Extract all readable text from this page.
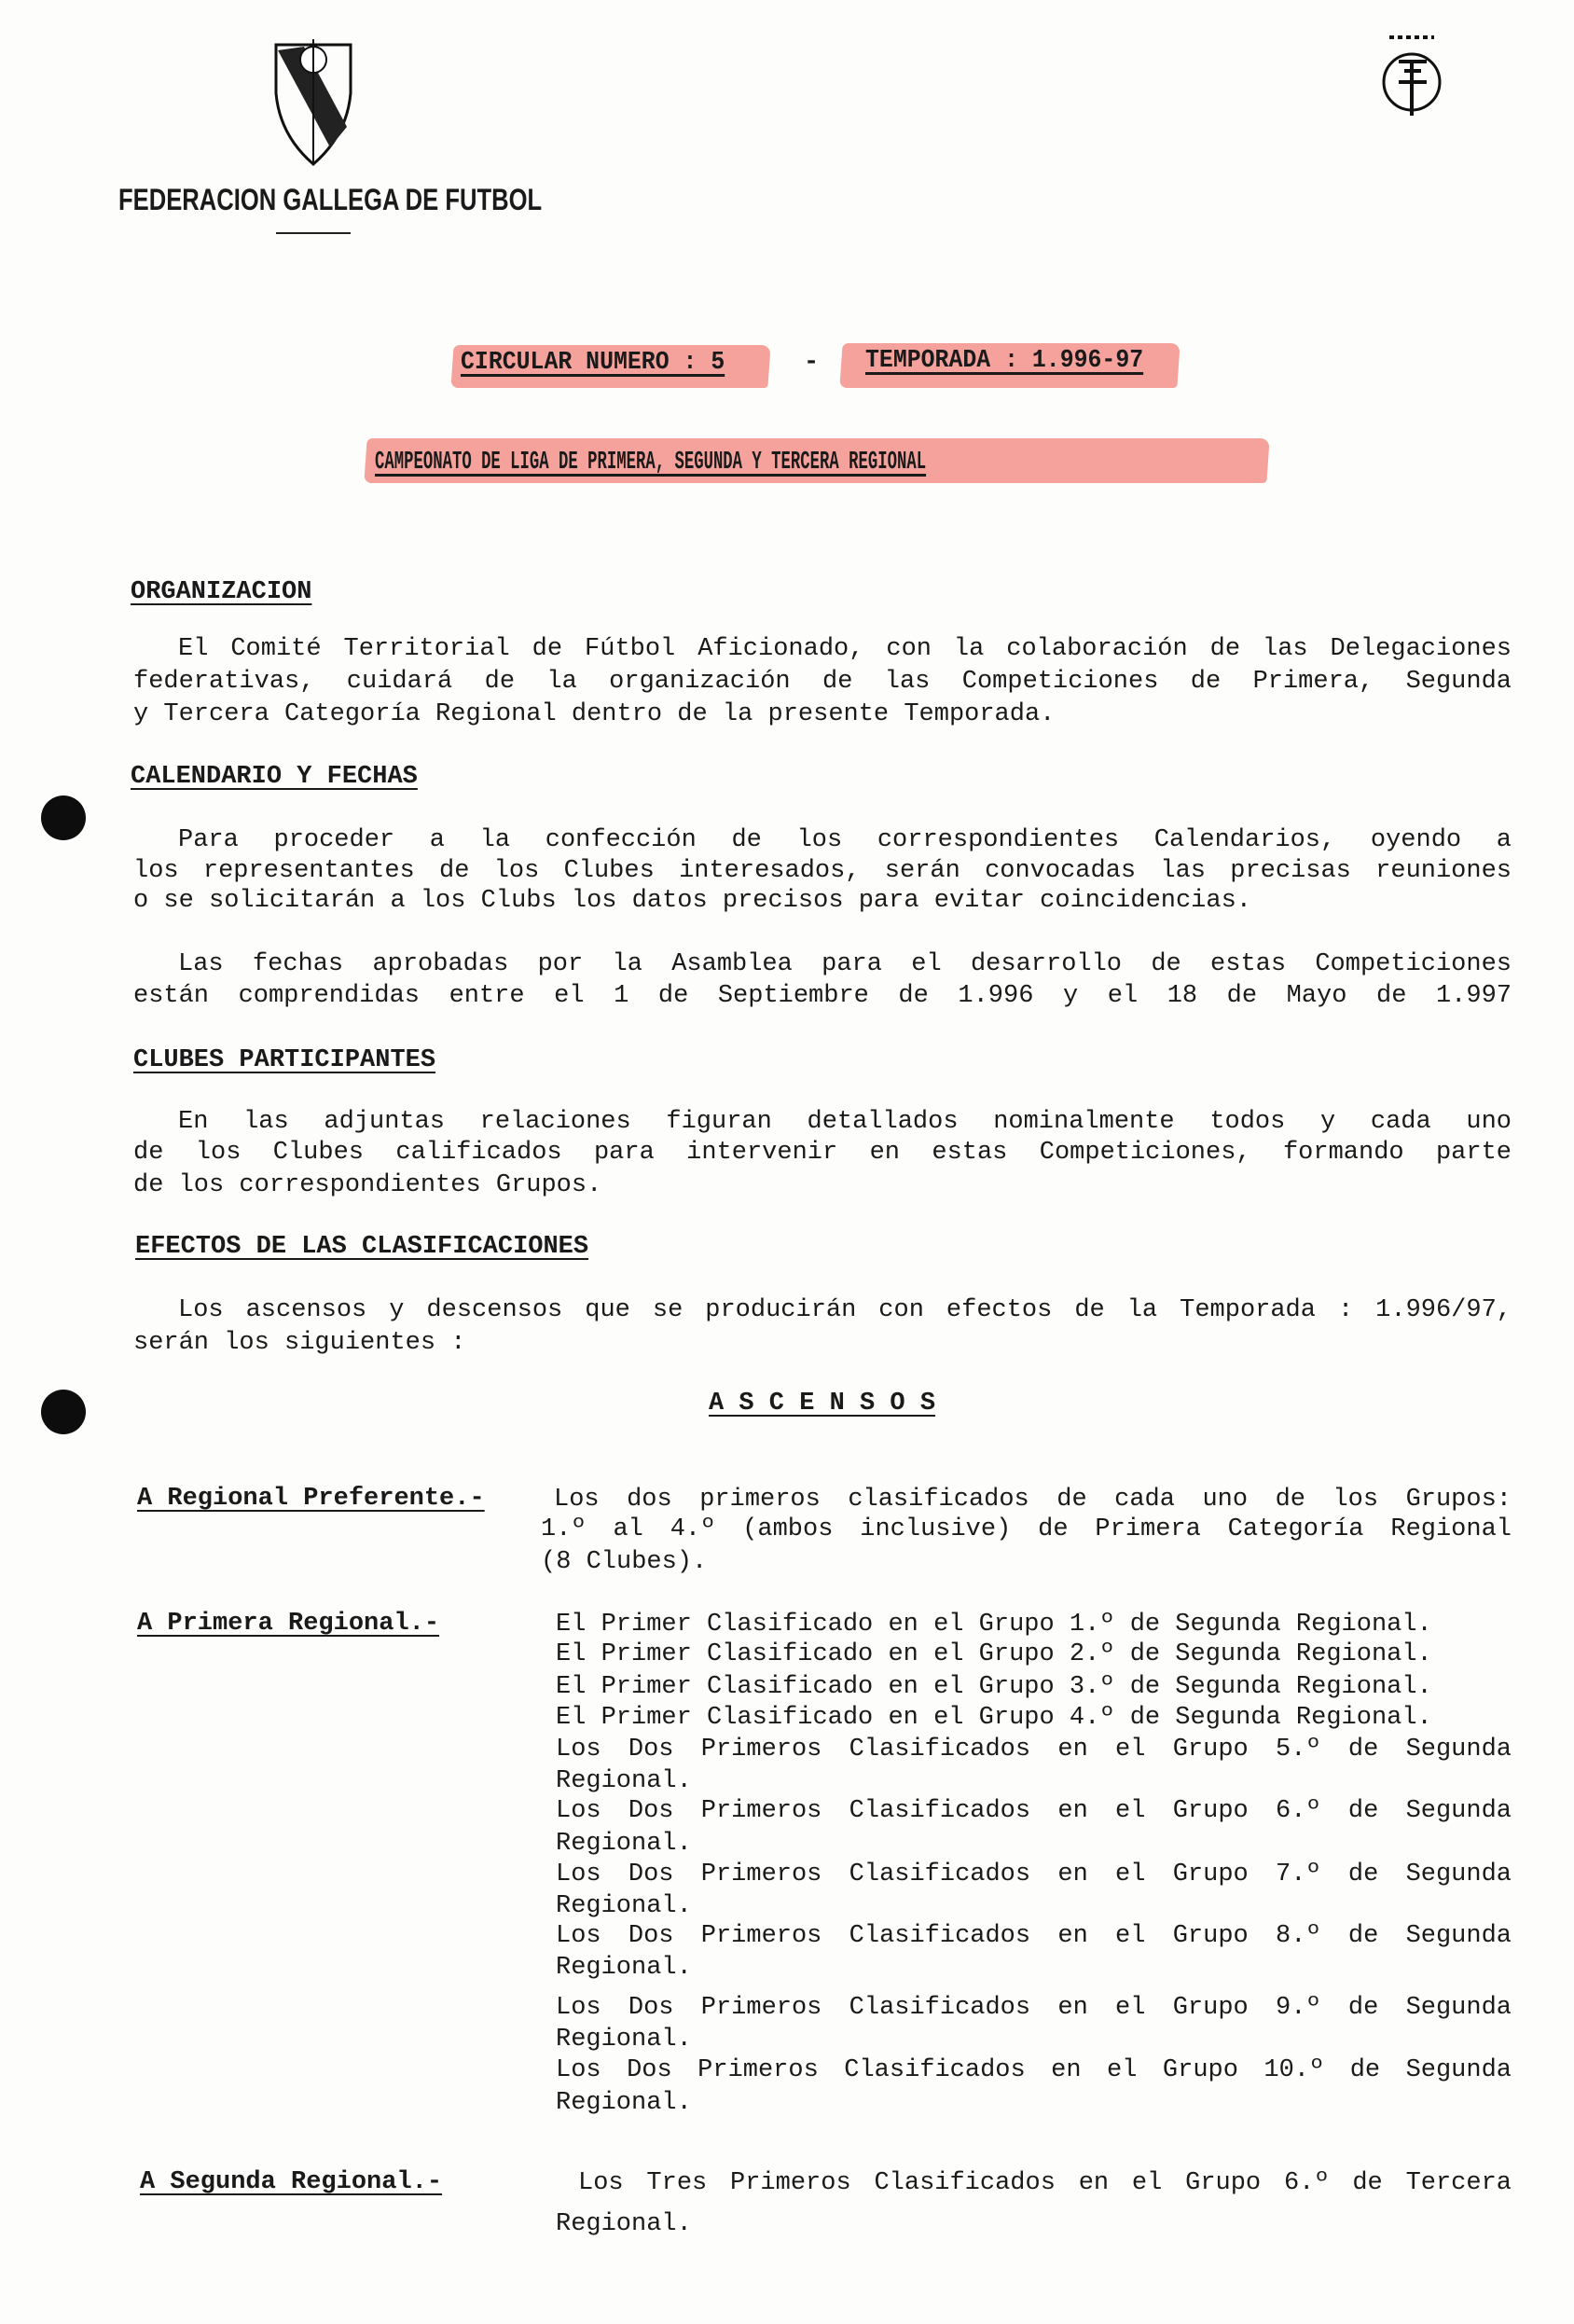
FEDERACION GALLEGA DE FUTBOL
CIRCULAR NUMERO : 5	- TEMPORADA : 1.996-97
CAMPEONATO DE LIGA DE PRIMERA, SEGUNDA Y TERCERA REGIONAL
ORGANIZACION
El Comité Territorial de Fútbol Aficionado, con la colaboración de las Delegaciones
federativas, cuidará de la organización de las Competiciones de Primera, Segunda
y Tercera Categoría Regional dentro de la presente Temporada.
CALENDARIO Y FECHAS
Para proceder a la confección de los correspondientes Calendarios, oyendo a
los representantes de los Clubes interesados, serán convocadas las precisas reuniones
o se solicitarán a los Clubs los datos precisos para evitar coincidencias.
Las fechas aprobadas por la Asamblea para el desarrollo de estas Competiciones
están comprendidas entre el 1 de Septiembre de 1.996 y el 18 de Mayo de 1.997
CLUBES PARTICIPANTES
En las adjuntas relaciones figuran detallados nominalmente todos y cada uno
de los Clubes calificados para intervenir en estas Competiciones, formando parte
de los correspondientes Grupos.
EFECTOS DE LAS CLASIFICACIONES
Los ascensos y descensos que se producirán con efectos de la Temporada : 1.996/97,
serán los siguientes :
A S C E N S O S
A Regional Preferente.-	Los dos primeros clasificados de cada uno de los Grupos:
1.º al 4.º (ambos inclusive) de Primera Categoría Regional
(8 Clubes).
A Primera Regional.-	El Primer Clasificado en el Grupo 1.º de Segunda Regional.
El Primer Clasificado en el Grupo 2.º de Segunda Regional.
El Primer Clasificado en el Grupo 3.º de Segunda Regional.
El Primer Clasificado en el Grupo 4.º de Segunda Regional.
Los Dos Primeros Clasificados en el Grupo 5.º de Segunda
Regional.
Los Dos Primeros Clasificados en el Grupo 6.º de Segunda
Regional.
Los Dos Primeros Clasificados en el Grupo 7.º de Segunda
Regional.
Los Dos Primeros Clasificados en el Grupo 8.º de Segunda
Regional.
Los Dos Primeros Clasificados en el Grupo 9.º de Segunda
Regional.
Los Dos Primeros Clasificados en el Grupo 10.º de Segunda
Regional.
A Segunda Regional.-	Los Tres Primeros Clasificados en el Grupo 6.º de Tercera
Regional.
